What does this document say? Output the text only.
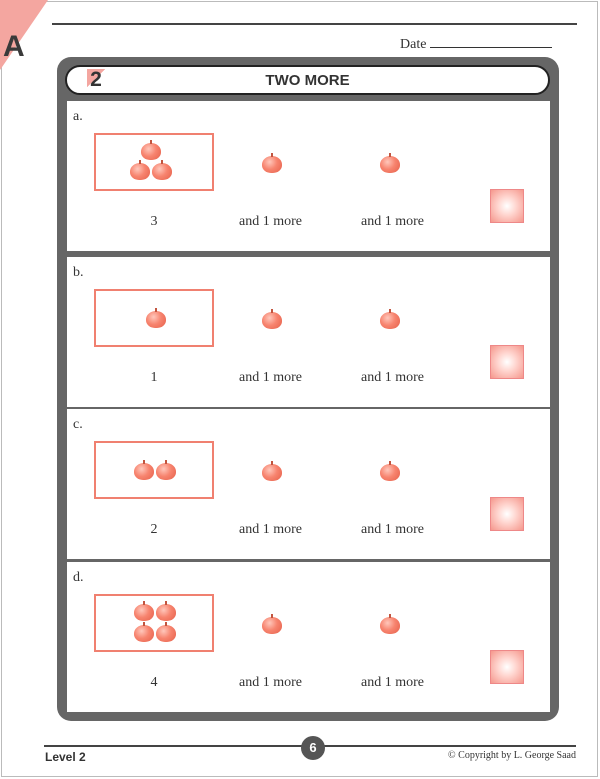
A	Date
2	TWO MORE
a.
3	and 1 more	and 1 more
b.
1	and 1 more	and 1 more
c.
2	and 1 more	and 1 more
d.
4	and 1 more	and 1 more
Level 2
6
© Copyright by L. George Saad
